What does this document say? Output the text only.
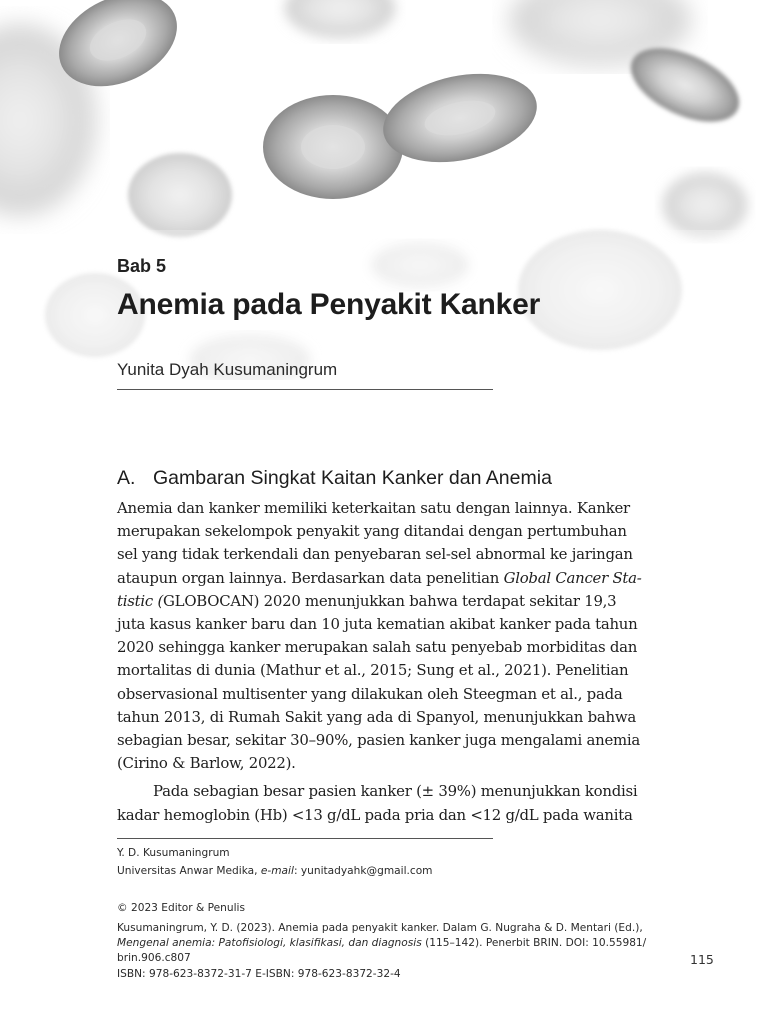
Bab 5
Anemia pada Penyakit Kanker
Yunita Dyah Kusumaningrum
A. Gambaran Singkat Kaitan Kanker dan Anemia
Anemia dan kanker memiliki keterkaitan satu dengan lainnya. Kanker
merupakan sekelompok penyakit yang ditandai dengan pertumbuhan
sel yang tidak terkendali dan penyebaran sel-sel abnormal ke jaringan
ataupun organ lainnya. Berdasarkan data penelitian Global Cancer Sta-
tistic (GLOBOCAN) 2020 menunjukkan bahwa terdapat sekitar 19,3
juta kasus kanker baru dan 10 juta kematian akibat kanker pada tahun
2020 sehingga kanker merupakan salah satu penyebab morbiditas dan
mortalitas di dunia (Mathur et al., 2015; Sung et al., 2021). Penelitian
observasional multisenter yang dilakukan oleh Steegman et al., pada
tahun 2013, di Rumah Sakit yang ada di Spanyol, menunjukkan bahwa
sebagian besar, sekitar 30–90%, pasien kanker juga mengalami anemia
(Cirino & Barlow, 2022).
Pada sebagian besar pasien kanker (± 39%) menunjukkan kondisi
kadar hemoglobin (Hb) <13 g/dL pada pria dan <12 g/dL pada wanita
Y. D. Kusumaningrum
Universitas Anwar Medika, e-mail: yunitadyahk@gmail.com
© 2023 Editor & Penulis
Kusumaningrum, Y. D. (2023). Anemia pada penyakit kanker. Dalam G. Nugraha & D. Mentari (Ed.),
Mengenal anemia: Patofisiologi, klasifikasi, dan diagnosis (115–142). Penerbit BRIN. DOI: 10.55981/
brin.906.c807
ISBN: 978-623-8372-31-7 E-ISBN: 978-623-8372-32-4
115
